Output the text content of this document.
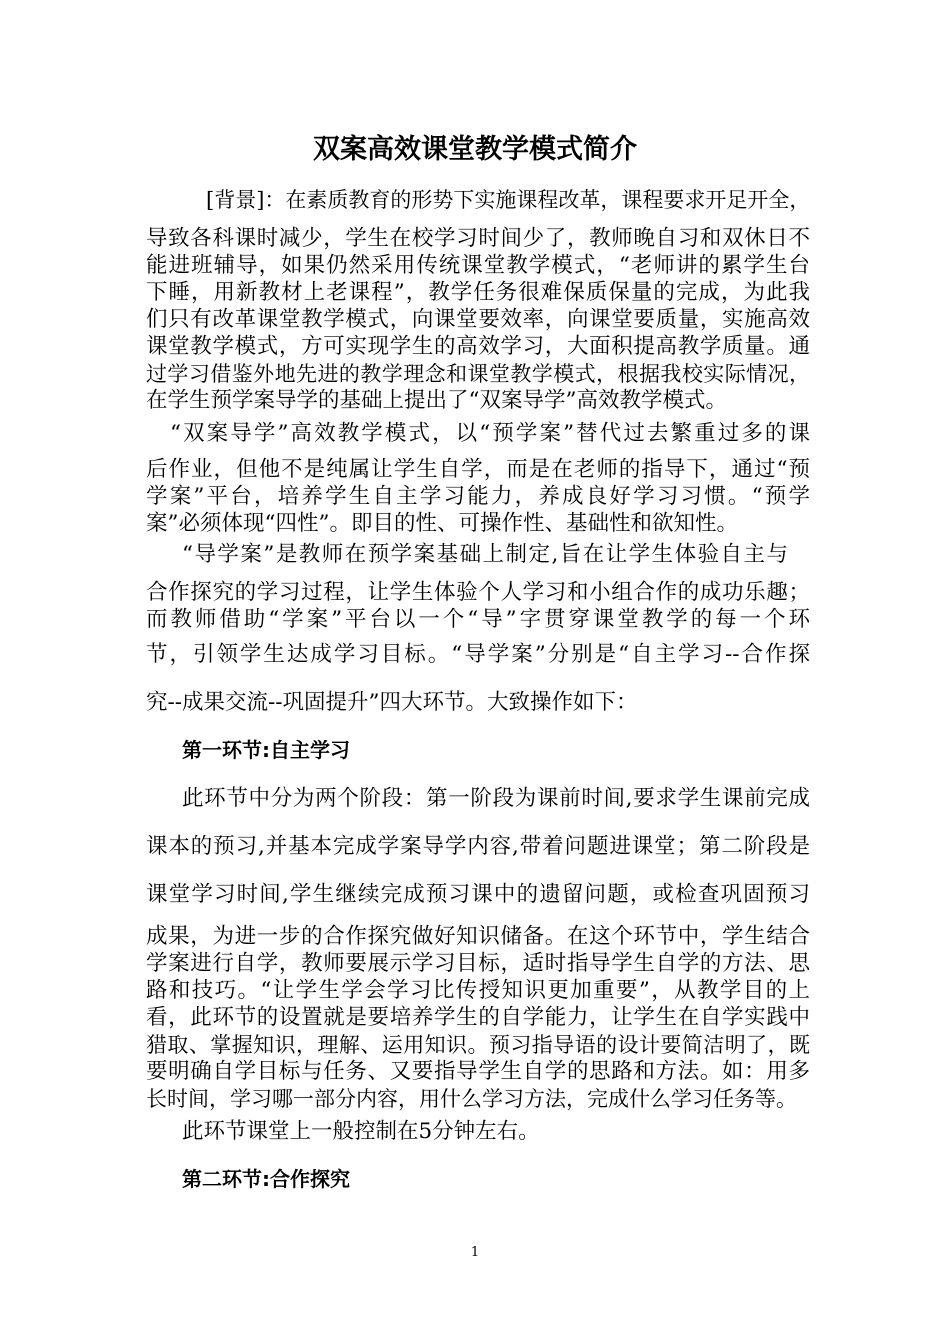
双案高效课堂教学模式简介
[背景]：在素质教育的形势下实施课程改革，课程要求开足开全，
导致各科课时减少，学生在校学习时间少了，教师晚自习和双休日不
能进班辅导，如果仍然采用传统课堂教学模式，“老师讲的累学生台
下睡，用新教材上老课程”，教学任务很难保质保量的完成，为此我
们只有改革课堂教学模式，向课堂要效率，向课堂要质量，实施高效
课堂教学模式，方可实现学生的高效学习，大面积提高教学质量。通
过学习借鉴外地先进的教学理念和课堂教学模式，根据我校实际情况，
在学生预学案导学的基础上提出了“双案导学”高效教学模式。
“双案导学”高效教学模式，以“预学案”替代过去繁重过多的课
后作业，但他不是纯属让学生自学，而是在老师的指导下，通过“预
学案”平台，培养学生自主学习能力，养成良好学习习惯。“预学
案”必须体现“四性”。即目的性、可操作性、基础性和欲知性。
“导学案”是教师在预学案基础上制定,旨在让学生体验自主与
合作探究的学习过程，让学生体验个人学习和小组合作的成功乐趣；
而教师借助“学案”平台以一个“导”字贯穿课堂教学的每一个环
节，引领学生达成学习目标。“导学案”分别是“自主学习--合作探
究--成果交流--巩固提升”四大环节。大致操作如下：
第一环节:自主学习
此环节中分为两个阶段：第一阶段为课前时间,要求学生课前完成
课本的预习,并基本完成学案导学内容,带着问题进课堂；第二阶段是
课堂学习时间,学生继续完成预习课中的遗留问题，或检查巩固预习
成果，为进一步的合作探究做好知识储备。在这个环节中，学生结合
学案进行自学，教师要展示学习目标，适时指导学生自学的方法、思
路和技巧。“让学生学会学习比传授知识更加重要”，从教学目的上
看，此环节的设置就是要培养学生的自学能力，让学生在自学实践中
猎取、掌握知识，理解、运用知识。预习指导语的设计要简洁明了，既
要明确自学目标与任务、又要指导学生自学的思路和方法。如：用多
长时间，学习哪一部分内容，用什么学习方法，完成什么学习任务等。
此环节课堂上一般控制在5分钟左右。
第二环节:合作探究
1
